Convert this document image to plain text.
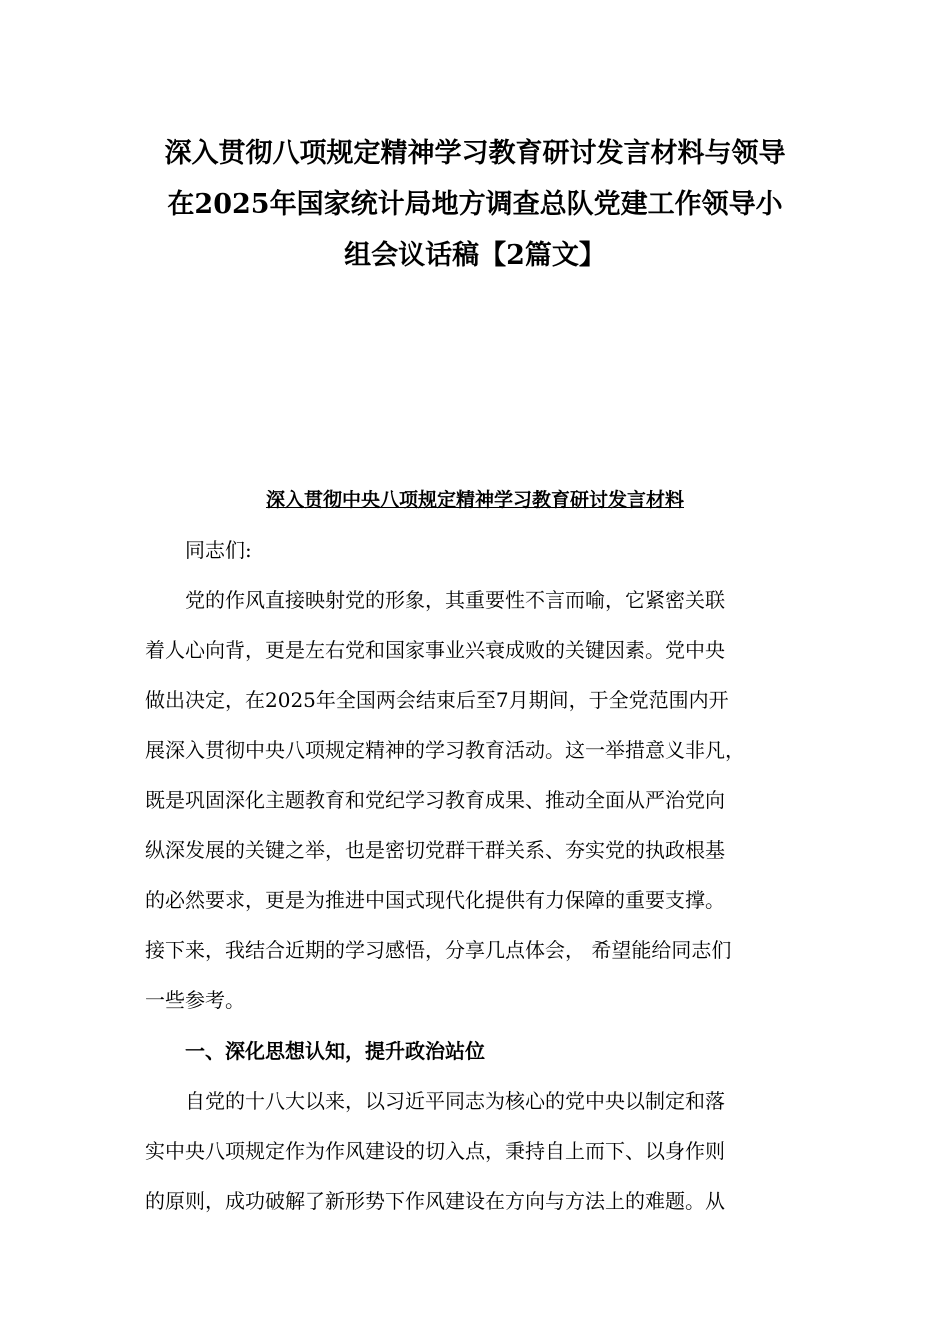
深入贯彻八项规定精神学习教育研讨发言材料与领导
在2025年国家统计局地方调查总队党建工作领导小
组会议话稿【2篇文】
深入贯彻中央八项规定精神学习教育研讨发言材料

同志们:

党的作风直接映射党的形象，其重要性不言而喻，它紧密关联
着人心向背，更是左右党和国家事业兴衰成败的关键因素。党中央
做出决定，在2025年全国两会结束后至7月期间，于全党范围内开
展深入贯彻中央八项规定精神的学习教育活动。这一举措意义非凡，
既是巩固深化主题教育和党纪学习教育成果、推动全面从严治党向
纵深发展的关键之举，也是密切党群干群关系、夯实党的执政根基
的必然要求，更是为推进中国式现代化提供有力保障的重要支撑。
接下来，我结合近期的学习感悟，分享几点体会， 希望能给同志们
一些参考。

一、深化思想认知，提升政治站位

自党的十八大以来，以习近平同志为核心的党中央以制定和落
实中央八项规定作为作风建设的切入点，秉持自上而下、以身作则
的原则，成功破解了新形势下作风建设在方向与方法上的难题。从
